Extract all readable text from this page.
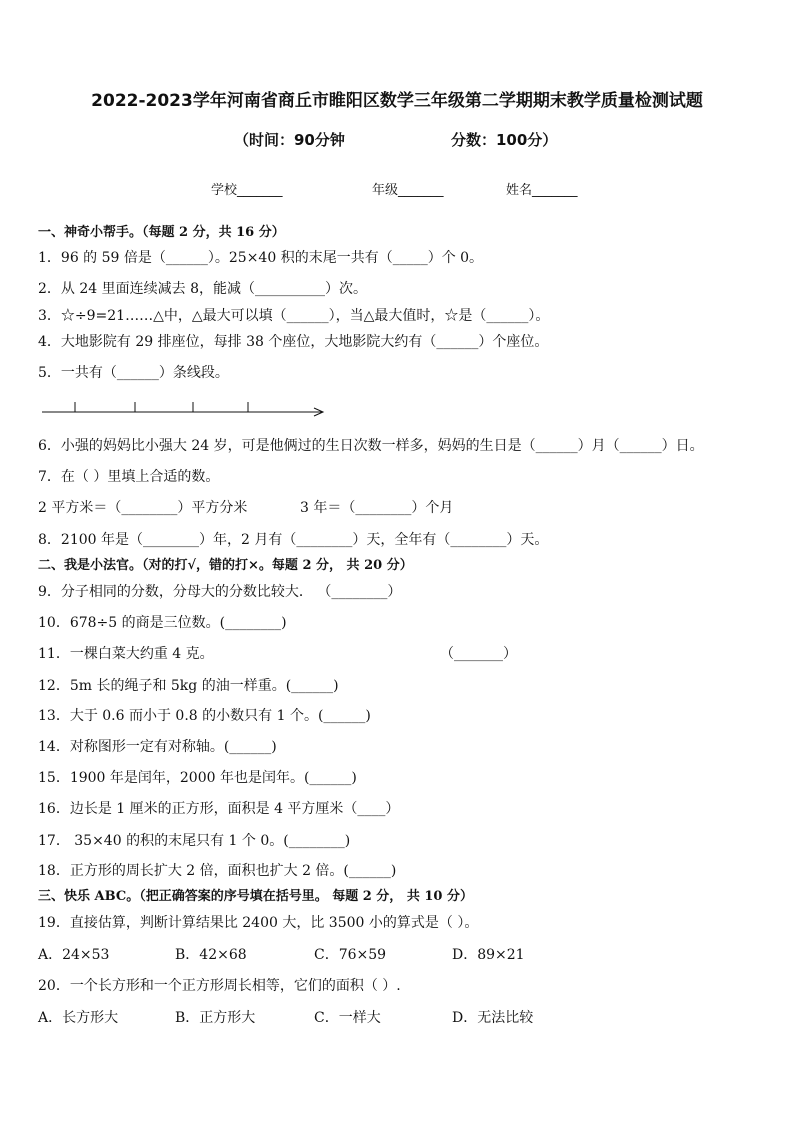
2022-2023学年河南省商丘市睢阳区数学三年级第二学期期末教学质量检测试题
（时间：90分钟	分数：100分）
学校_______	年级_______	姓名_______
一、神奇小帮手。（每题 2 分，共 16 分）
1．96 的 59 倍是（______）。25×40 积的末尾一共有（_____）个 0。
2．从 24 里面连续减去 8，能减（__________）次。
3．☆÷9=21……△中，△最大可以填（______），当△最大值时，☆是（______）。
4．大地影院有 29 排座位，每排 38 个座位，大地影院大约有（______）个座位。
5．一共有（______）条线段。
6．小强的妈妈比小强大 24 岁，可是他俩过的生日次数一样多，妈妈的生日是（______）月（______）日。
7．在（ ）里填上合适的数。
2 平方米＝（________）平方分米	3 年＝（________）个月
8．2100 年是（________）年，2 月有（________）天，全年有（________）天。
二、我是小法官。（对的打√，错的打×。每题 2 分， 共 20 分）
9．分子相同的分数，分母大的分数比较大． （________）
10．678÷5 的商是三位数。(________)
11．一棵白菜大约重 4 克。	（_______）
12．5m 长的绳子和 5kg 的油一样重。(______)
13．大于 0.6 而小于 0.8 的小数只有 1 个。(______)
14．对称图形一定有对称轴。(______)
15．1900 年是闰年，2000 年也是闰年。(______)
16．边长是 1 厘米的正方形，面积是 4 平方厘米（____）
17． 35×40 的积的末尾只有 1 个 0。(________)
18．正方形的周长扩大 2 倍，面积也扩大 2 倍。(______)
三、快乐 ABC。（把正确答案的序号填在括号里。 每题 2 分， 共 10 分）
19．直接估算，判断计算结果比 2400 大，比 3500 小的算式是（ ）。
A．24×53	B．42×68	C．76×59	D．89×21
20．一个长方形和一个正方形周长相等，它们的面积（ ）.
A．长方形大	B．正方形大	C．一样大	D．无法比较
